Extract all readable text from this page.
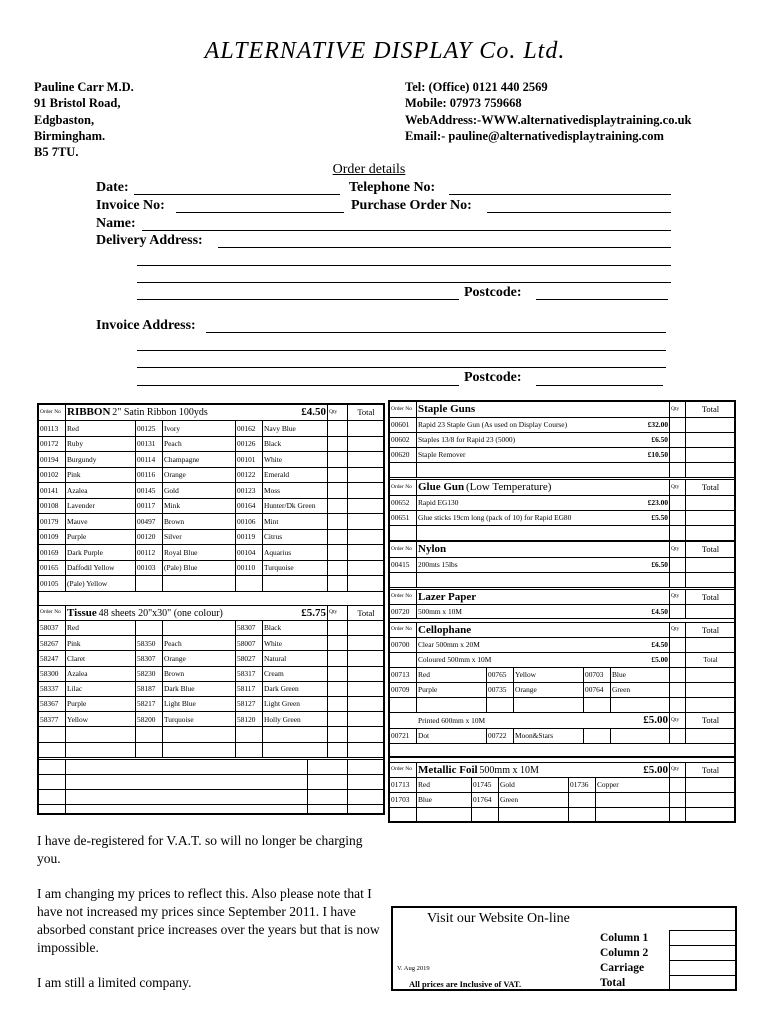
ALTERNATIVE DISPLAY Co. Ltd.
Pauline Carr M.D.
91 Bristol Road,
Edgbaston,
Birmingham.
B5 7TU.
Tel: (Office) 0121 440 2569
Mobile: 07973 759668
WebAddress:-WWW.alternativedisplaytraining.co.uk
Email:- pauline@alternativedisplaytraining.com
Order details
Date:	Telephone No:
Invoice No:	Purchase Order No:
Name:
Delivery Address:
Postcode:
Invoice Address:
Postcode:
Order No	RIBBON 2" Satin Ribbon 100yds				£4.50	Qty	Total
00113	Red	00125	Ivory	00162	Navy Blue		
00172	Ruby	00131	Peach	00126	Black		
00194	Burgundy	00114	Champagne	00101	White		
00102	Pink	00116	Orange	00122	Emerald		
00141	Azalea	00145	Gold	00123	Moss		
00108	Lavender	00117	Mink	00164	Hunter/Dk Green		
00179	Mauve	00497	Brown	00106	Mint		
00109	Purple	00120	Silver	00119	Citrus		
00169	Dark Purple	00112	Royal Blue	00104	Aquarius		
00165	Daffodil Yellow	00103	(Pale) Blue	00110	Turquoise		
00105	(Pale) Yellow						
Order No	Tissue 48 sheets 20"x30" (one colour)				£5.75	Qty	Total
58037	Red			58307	Black		
58267	Pink	58350	Peach	58007	White		
58247	Claret	58307	Orange	58027	Natural		
58300	Azalea	58230	Brown	58317	Cream		
58337	Lilac	58187	Dark Blue	58117	Dark Green		
58367	Purple	58217	Light Blue	58127	Light Green		
58377	Yellow	58200	Turquoise	58120	Holly Green		

Order No	Staple Guns		Qty	Total
00601	Rapid 23 Staple Gun (As used on Display Course)	£32.00		
00602	Staples 13/8 for Rapid 23 (5000)	£6.50		
00620	Staple Remover	£10.50		

Order No	Glue Gun (Low Temperature)		Qty	Total
00652	Rapid EG130	£23.00		
00651	Glue sticks 19cm long (pack of 10) for Rapid EG80	£5.50		

Order No	Nylon		Qty	Total
00415	200mts 15lbs	£6.50		

Order No	Lazer Paper		Qty	Total
00720	500mm x 10M	£4.50		
Order No	Cellophane					Qty	Total
00700	Clear 500mm x 20M				£4.50		
	Coloured 500mm x 10M				£5.00		Total
00713	Red	00765	Yellow	00703	Blue		
00709	Purple	00735	Orange	00764	Green		

Printed 600mm x 10M					£5.00	Qty	Total
00721	Dot	00722	Moon&Stars				

Order No	Metallic Foil 500mm x 10M				£5.00	Qty	Total
01713	Red	01745	Gold	01736	Copper		
01703	Blue	01764	Green				

I have de-registered for V.A.T. so will no longer be charging you.

I am changing my prices to reflect this. Also please note that I have not increased my prices since September 2011. I have absorbed constant price increases over the years but that is now impossible.

I am still a limited company.

Visit our Website On-line
Column 1
Column 2
Carriage
Total
V. Aug 2019
All prices are Inclusive of VAT.
